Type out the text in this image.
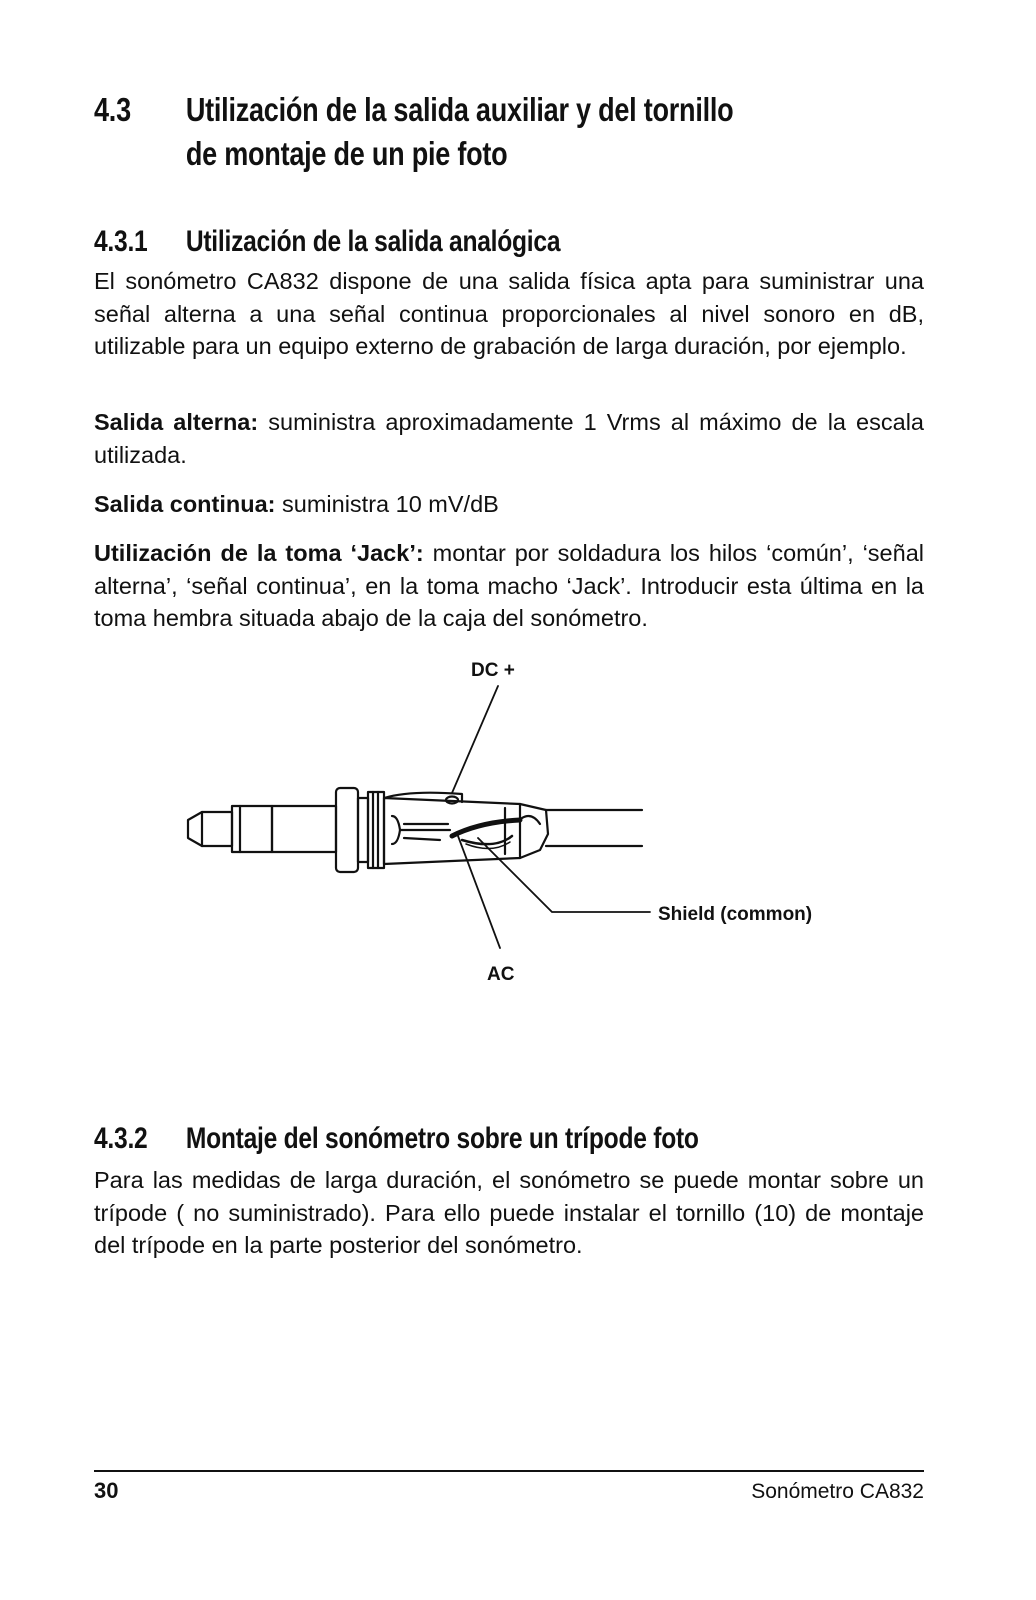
4.3 Utilización de la salida auxiliar y del tornillo
de montaje de un pie foto
4.3.1 Utilización de la salida analógica

El sonómetro CA832 dispone de una salida física apta para suministrar una señal alterna a una señal continua proporcionales al nivel sonoro en dB, utilizable para un equipo externo de grabación de larga duración, por ejemplo.

Salida alterna: suministra aproximadamente 1 Vrms al máximo de la escala utilizada.

Salida continua: suministra 10 mV/dB

Utilización de la toma ‘Jack’: montar por soldadura los hilos ‘común’, ‘señal alterna’, ‘señal continua’, en la toma macho ‘Jack’. Introducir esta última en la toma hembra situada abajo de la caja del sonómetro.

DC +
Shield (common)
AC
4.3.2 Montaje del sonómetro sobre un trípode foto

Para las medidas de larga duración, el sonómetro se puede montar sobre un trípode ( no suministrado). Para ello puede instalar el tornillo (10) de montaje del trípode en la parte posterior del sonómetro.

30	Sonómetro CA832
